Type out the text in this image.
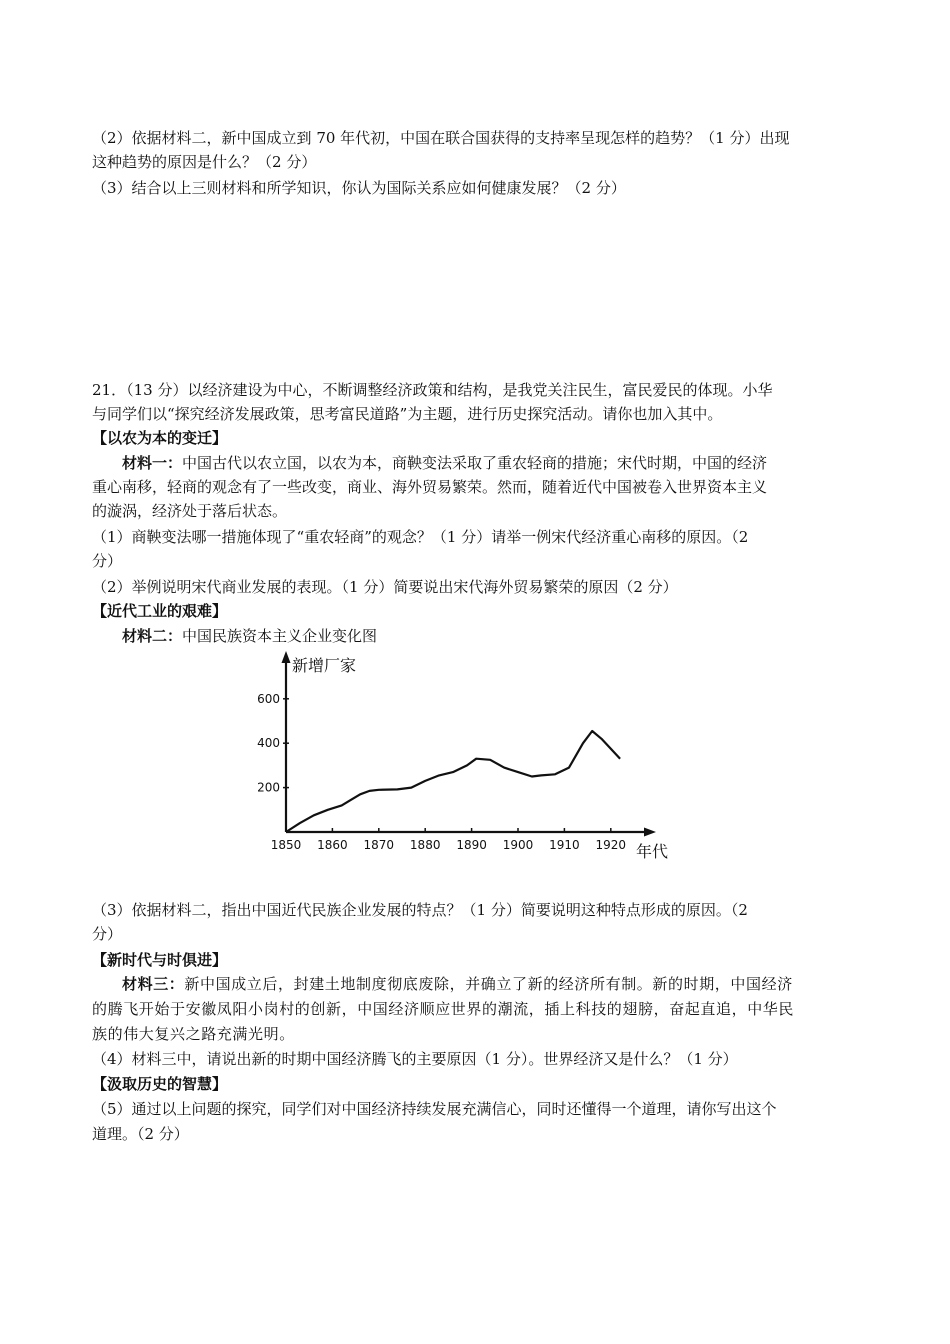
（2）依据材料二，新中国成立到 70 年代初，中国在联合国获得的支持率呈现怎样的趋势？（1 分）出现
这种趋势的原因是什么？（2 分）
（3）结合以上三则材料和所学知识，你认为国际关系应如何健康发展？（2 分）
21．（13 分）以经济建设为中心，不断调整经济政策和结构，是我党关注民生，富民爱民的体现。小华
与同学们以“探究经济发展政策，思考富民道路”为主题，进行历史探究活动。请你也加入其中。
【以农为本的变迁】
材料一：中国古代以农立国，以农为本，商鞅变法采取了重农轻商的措施；宋代时期，中国的经济
重心南移，轻商的观念有了一些改变，商业、海外贸易繁荣。然而，随着近代中国被卷入世界资本主义
的漩涡，经济处于落后状态。
（1）商鞅变法哪一措施体现了“重农轻商”的观念？（1 分）请举一例宋代经济重心南移的原因。（2
分）
（2）举例说明宋代商业发展的表现。（1 分）简要说出宋代海外贸易繁荣的原因（2 分）
【近代工业的艰难】
材料二：中国民族资本主义企业变化图
新增厂家
年代
200
400
600
1850 1860 1870 1880 1890 1900 1910 1920
（3）依据材料二，指出中国近代民族企业发展的特点？（1 分）简要说明这种特点形成的原因。（2
分）
【新时代与时俱进】
材料三：新中国成立后，封建土地制度彻底废除，并确立了新的经济所有制。新的时期，中国经济
的腾飞开始于安徽凤阳小岗村的创新，中国经济顺应世界的潮流，插上科技的翅膀，奋起直追，中华民
族的伟大复兴之路充满光明。
（4）材料三中，请说出新的时期中国经济腾飞的主要原因（1 分）。世界经济又是什么？（1 分）
【汲取历史的智慧】
（5）通过以上问题的探究，同学们对中国经济持续发展充满信心，同时还懂得一个道理，请你写出这个
道理。（2 分）
